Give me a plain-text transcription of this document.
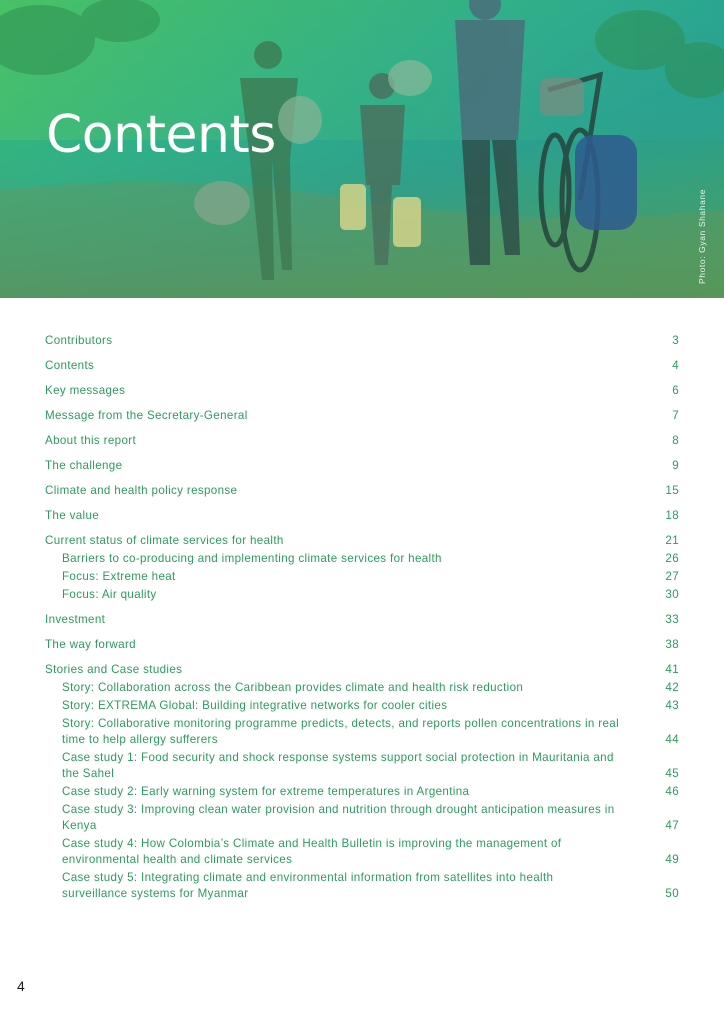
Contents
Photo: Gyan Shahane
Contributors	3
Contents	4
Key messages	6
Message from the Secretary-General	7
About this report	8
The challenge	9
Climate and health policy response	15
The value	18
Current status of climate services for health	21
Barriers to co-producing and implementing climate services for health	26
Focus: Extreme heat	27
Focus: Air quality	30
Investment	33
The way forward	38
Stories and Case studies	41
Story: Collaboration across the Caribbean provides climate and health risk reduction	42
Story: EXTREMA Global: Building integrative networks for cooler cities	43
Story: Collaborative monitoring programme predicts, detects, and reports pollen concentrations in real time to help allergy sufferers	44
Case study 1: Food security and shock response systems support social protection in Mauritania and the Sahel	45
Case study 2: Early warning system for extreme temperatures in Argentina	46
Case study 3: Improving clean water provision and nutrition through drought anticipation measures in Kenya	47
Case study 4: How Colombia’s Climate and Health Bulletin is improving the management of environmental health and climate services	49
Case study 5: Integrating climate and environmental information from satellites into health surveillance systems for Myanmar	50
4
